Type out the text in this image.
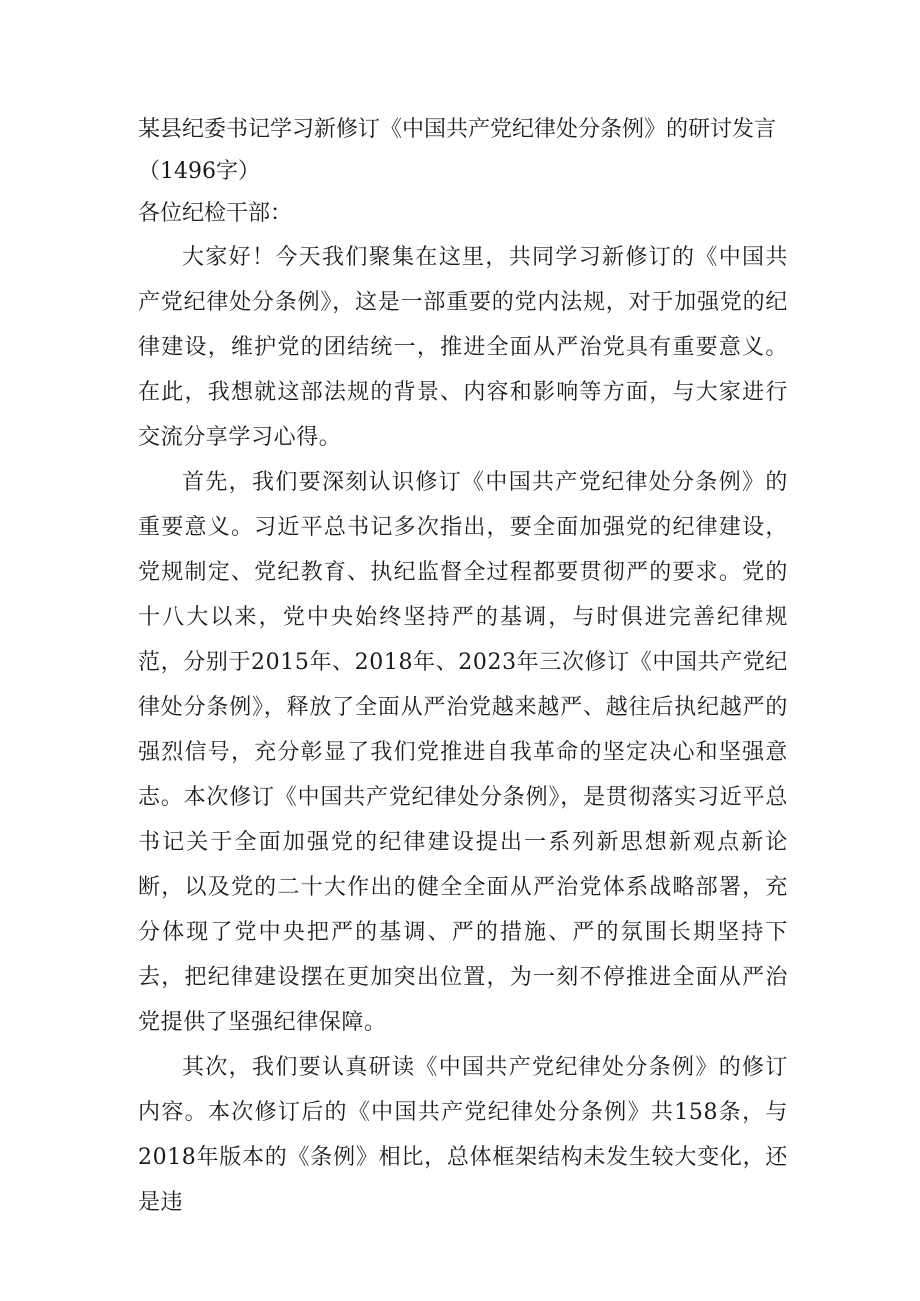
某县纪委书记学习新修订《中国共产党纪律处分条例》的研讨发言（1496字）

各位纪检干部：

大家好！今天我们聚集在这里，共同学习新修订的《中国共产党纪律处分条例》，这是一部重要的党内法规，对于加强党的纪律建设，维护党的团结统一，推进全面从严治党具有重要意义。在此，我想就这部法规的背景、内容和影响等方面，与大家进行交流分享学习心得。

首先，我们要深刻认识修订《中国共产党纪律处分条例》的重要意义。习近平总书记多次指出，要全面加强党的纪律建设，党规制定、党纪教育、执纪监督全过程都要贯彻严的要求。党的十八大以来，党中央始终坚持严的基调，与时俱进完善纪律规范，分别于2015年、2018年、2023年三次修订《中国共产党纪律处分条例》，释放了全面从严治党越来越严、越往后执纪越严的强烈信号，充分彰显了我们党推进自我革命的坚定决心和坚强意志。本次修订《中国共产党纪律处分条例》，是贯彻落实习近平总书记关于全面加强党的纪律建设提出一系列新思想新观点新论断，以及党的二十大作出的健全全面从严治党体系战略部署，充分体现了党中央把严的基调、严的措施、严的氛围长期坚持下去，把纪律建设摆在更加突出位置，为一刻不停推进全面从严治党提供了坚强纪律保障。

其次，我们要认真研读《中国共产党纪律处分条例》的修订内容。本次修订后的《中国共产党纪律处分条例》共158条，与2018年版本的《条例》相比，总体框架结构未发生较大变化，还是违
